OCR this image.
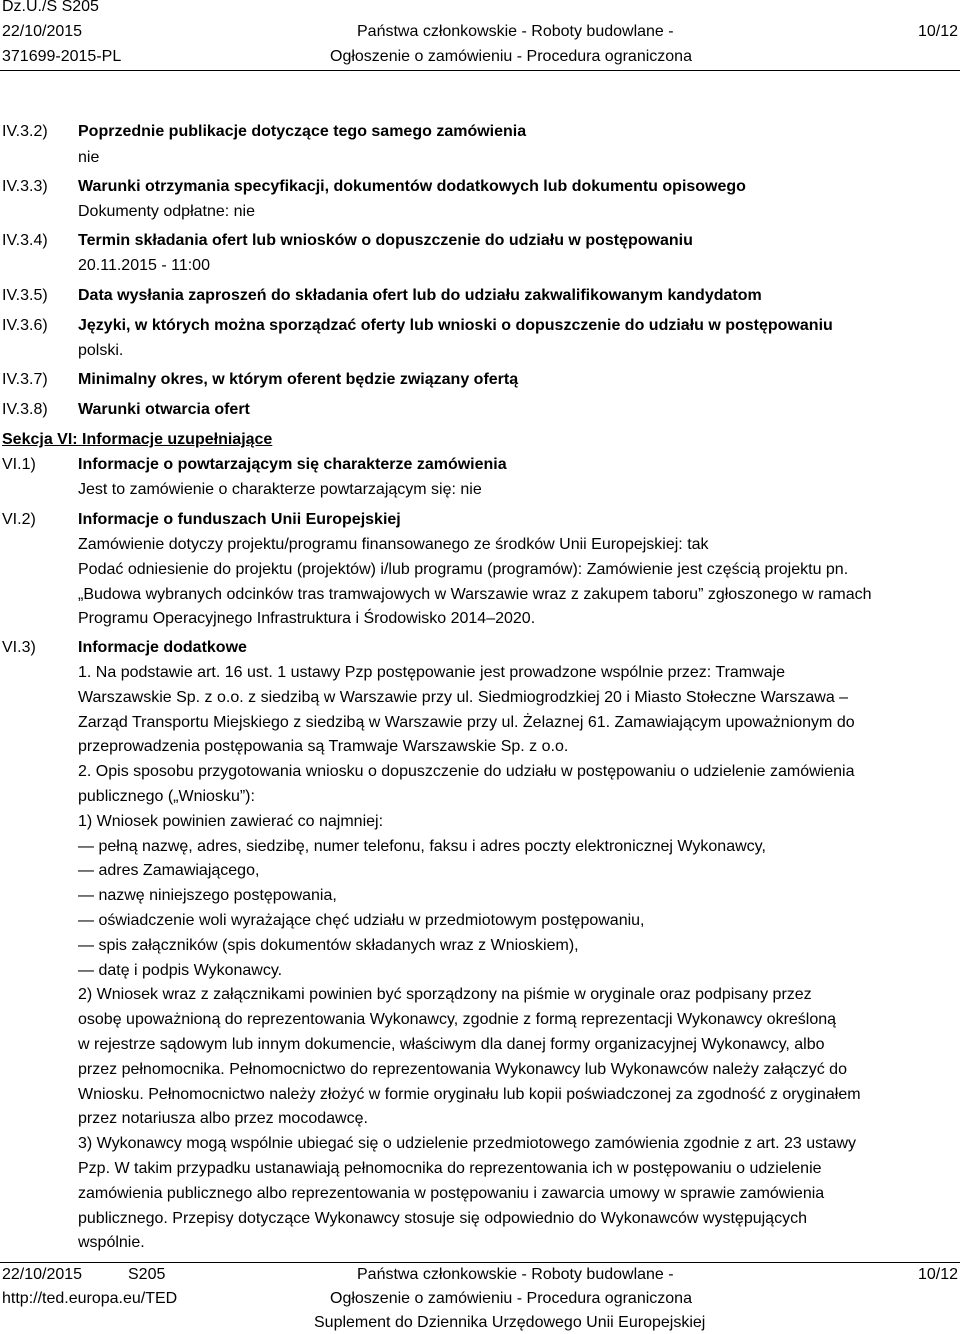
Dz.U./S S205
22/10/2015
371699-2015-PL
Państwa członkowskie - Roboty budowlane -
Ogłoszenie o zamówieniu - Procedura ograniczona
10/12
IV.3.2) Poprzednie publikacje dotyczące tego samego zamówienia
nie
IV.3.3) Warunki otrzymania specyfikacji, dokumentów dodatkowych lub dokumentu opisowego
Dokumenty odpłatne: nie
IV.3.4) Termin składania ofert lub wniosków o dopuszczenie do udziału w postępowaniu
20.11.2015 - 11:00
IV.3.5) Data wysłania zaproszeń do składania ofert lub do udziału zakwalifikowanym kandydatom
IV.3.6) Języki, w których można sporządzać oferty lub wnioski o dopuszczenie do udziału w postępowaniu
polski.
IV.3.7) Minimalny okres, w którym oferent będzie związany ofertą
IV.3.8) Warunki otwarcia ofert
Sekcja VI: Informacje uzupełniające
VI.1)	Informacje o powtarzającym się charakterze zamówienia
Jest to zamówienie o charakterze powtarzającym się: nie
VI.2)	Informacje o funduszach Unii Europejskiej
Zamówienie dotyczy projektu/programu finansowanego ze środków Unii Europejskiej: tak
Podać odniesienie do projektu (projektów) i/lub programu (programów): Zamówienie jest częścią projektu pn.
„Budowa wybranych odcinków tras tramwajowych w Warszawie wraz z zakupem taboru” zgłoszonego w ramach
Programu Operacyjnego Infrastruktura i Środowisko 2014–2020.
VI.3)	Informacje dodatkowe
1. Na podstawie art. 16 ust. 1 ustawy Pzp postępowanie jest prowadzone wspólnie przez: Tramwaje
Warszawskie Sp. z o.o. z siedzibą w Warszawie przy ul. Siedmiogrodzkiej 20 i Miasto Stołeczne Warszawa –
Zarząd Transportu Miejskiego z siedzibą w Warszawie przy ul. Żelaznej 61. Zamawiającym upoważnionym do
przeprowadzenia postępowania są Tramwaje Warszawskie Sp. z o.o.
2. Opis sposobu przygotowania wniosku o dopuszczenie do udziału w postępowaniu o udzielenie zamówienia
publicznego („Wniosku”):
1) Wniosek powinien zawierać co najmniej:
— pełną nazwę, adres, siedzibę, numer telefonu, faksu i adres poczty elektronicznej Wykonawcy,
— adres Zamawiającego,
— nazwę niniejszego postępowania,
— oświadczenie woli wyrażające chęć udziału w przedmiotowym postępowaniu,
— spis załączników (spis dokumentów składanych wraz z Wnioskiem),
— datę i podpis Wykonawcy.
2) Wniosek wraz z załącznikami powinien być sporządzony na piśmie w oryginale oraz podpisany przez
osobę upoważnioną do reprezentowania Wykonawcy, zgodnie z formą reprezentacji Wykonawcy określoną
w rejestrze sądowym lub innym dokumencie, właściwym dla danej formy organizacyjnej Wykonawcy, albo
przez pełnomocnika. Pełnomocnictwo do reprezentowania Wykonawcy lub Wykonawców należy załączyć do
Wniosku. Pełnomocnictwo należy złożyć w formie oryginału lub kopii poświadczonej za zgodność z oryginałem
przez notariusza albo przez mocodawcę.
3) Wykonawcy mogą wspólnie ubiegać się o udzielenie przedmiotowego zamówienia zgodnie z art. 23 ustawy
Pzp. W takim przypadku ustanawiają pełnomocnika do reprezentowania ich w postępowaniu o udzielenie
zamówienia publicznego albo reprezentowania w postępowaniu i zawarcia umowy w sprawie zamówienia
publicznego. Przepisy dotyczące Wykonawcy stosuje się odpowiednio do Wykonawców występujących
wspólnie.
22/10/2015	S205
http://ted.europa.eu/TED
Państwa członkowskie - Roboty budowlane -
Ogłoszenie o zamówieniu - Procedura ograniczona
Suplement do Dziennika Urzędowego Unii Europejskiej
10/12
